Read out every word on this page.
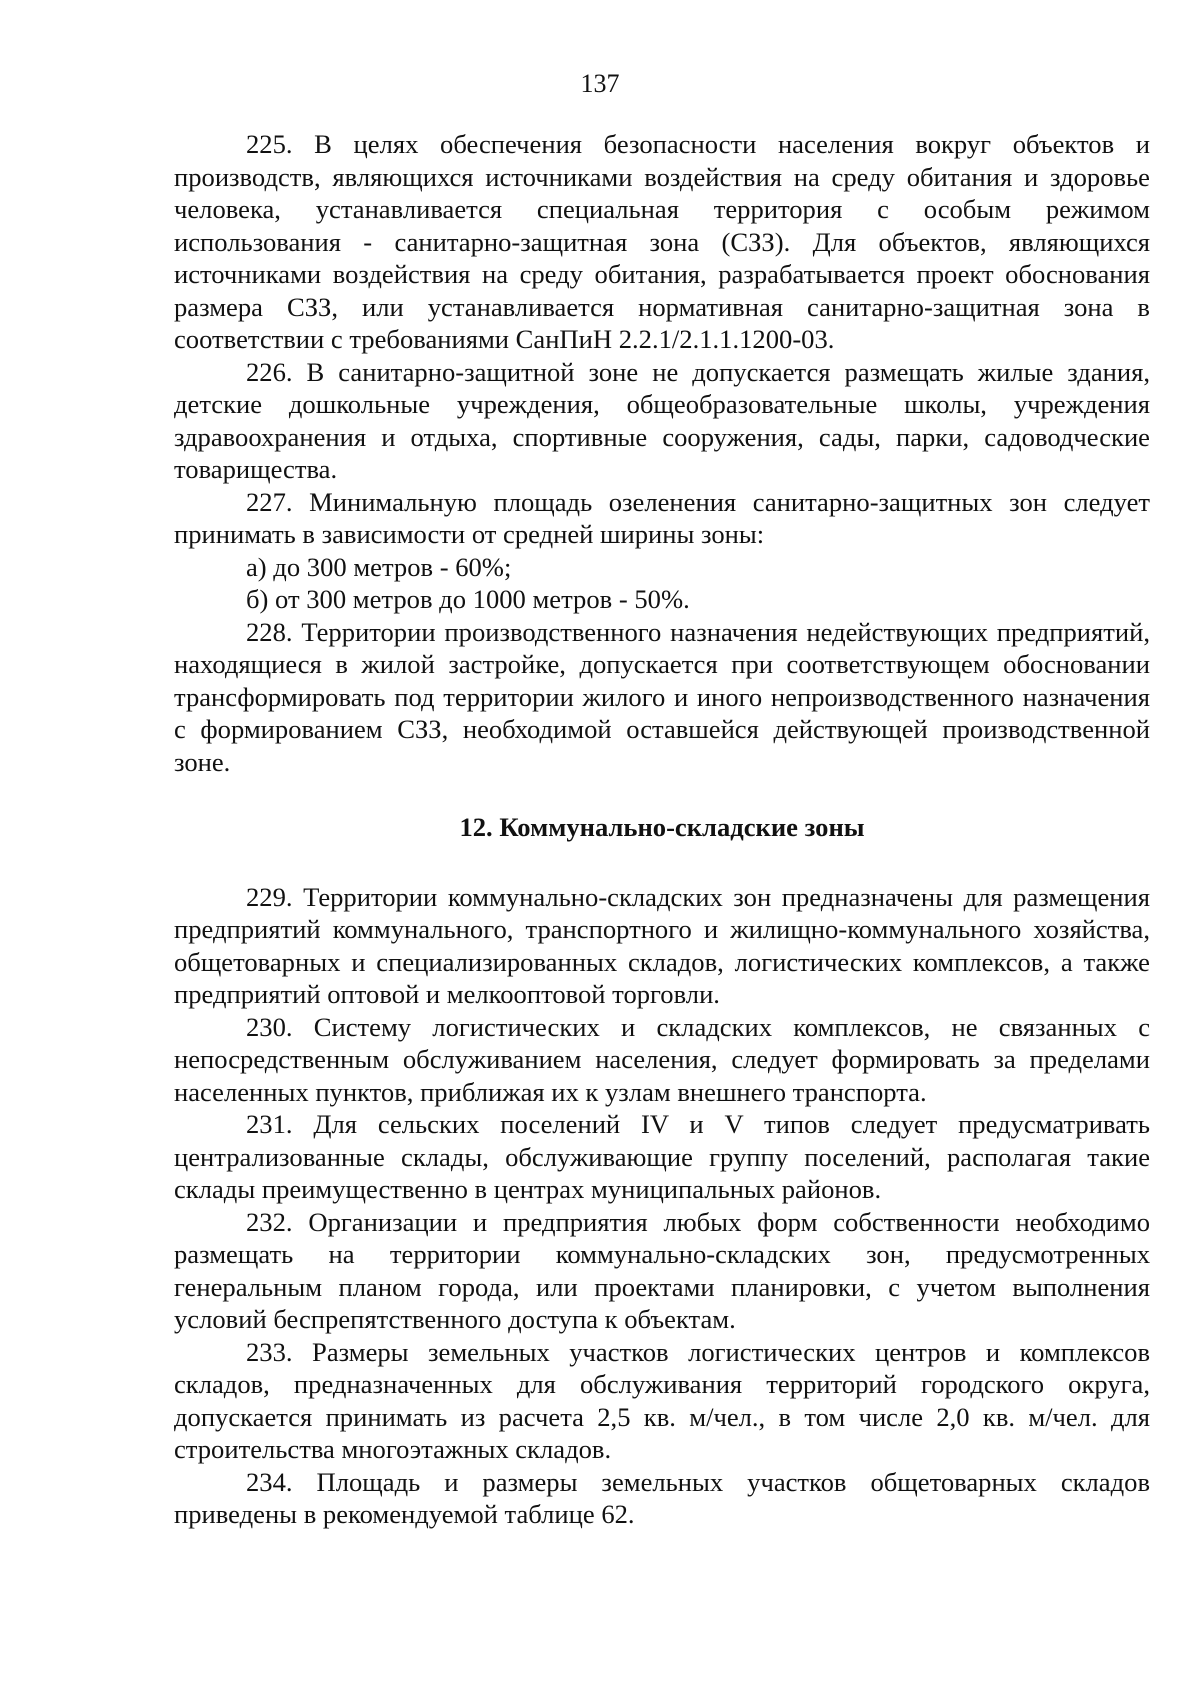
137

225. В целях обеспечения безопасности населения вокруг объектов и производств, являющихся источниками воздействия на среду обитания и здоровье человека, устанавливается специальная территория с особым режимом использования - санитарно-защитная зона (СЗЗ). Для объектов, являющихся источниками воздействия на среду обитания, разрабатывается проект обоснования размера СЗЗ, или устанавливается нормативная санитарно-защитная зона в соответствии с требованиями СанПиН 2.2.1/2.1.1.1200-03.

226. В санитарно-защитной зоне не допускается размещать жилые здания, детские дошкольные учреждения, общеобразовательные школы, учреждения здравоохранения и отдыха, спортивные сооружения, сады, парки, садоводческие товарищества.

227. Минимальную площадь озеленения санитарно-защитных зон следует принимать в зависимости от средней ширины зоны:

а) до 300 метров - 60%;

б) от 300 метров до 1000 метров - 50%.

228. Территории производственного назначения недействующих предприятий, находящиеся в жилой застройке, допускается при соответствующем обосновании трансформировать под территории жилого и иного непроизводственного назначения с формированием СЗЗ, необходимой оставшейся действующей производственной зоне.

12. Коммунально-складские зоны

229. Территории коммунально-складских зон предназначены для размещения предприятий коммунального, транспортного и жилищно-коммунального хозяйства, общетоварных и специализированных складов, логистических комплексов, а также предприятий оптовой и мелкооптовой торговли.

230. Систему логистических и складских комплексов, не связанных с непосредственным обслуживанием населения, следует формировать за пределами населенных пунктов, приближая их к узлам внешнего транспорта.

231. Для сельских поселений IV и V типов следует предусматривать централизованные склады, обслуживающие группу поселений, располагая такие склады преимущественно в центрах муниципальных районов.

232. Организации и предприятия любых форм собственности необходимо размещать на территории коммунально-складских зон, предусмотренных генеральным планом города, или проектами планировки, с учетом выполнения условий беспрепятственного доступа к объектам.

233. Размеры земельных участков логистических центров и комплексов складов, предназначенных для обслуживания территорий городского округа, допускается принимать из расчета 2,5 кв. м/чел., в том числе 2,0 кв. м/чел. для строительства многоэтажных складов.

234. Площадь и размеры земельных участков общетоварных складов приведены в рекомендуемой таблице 62.
